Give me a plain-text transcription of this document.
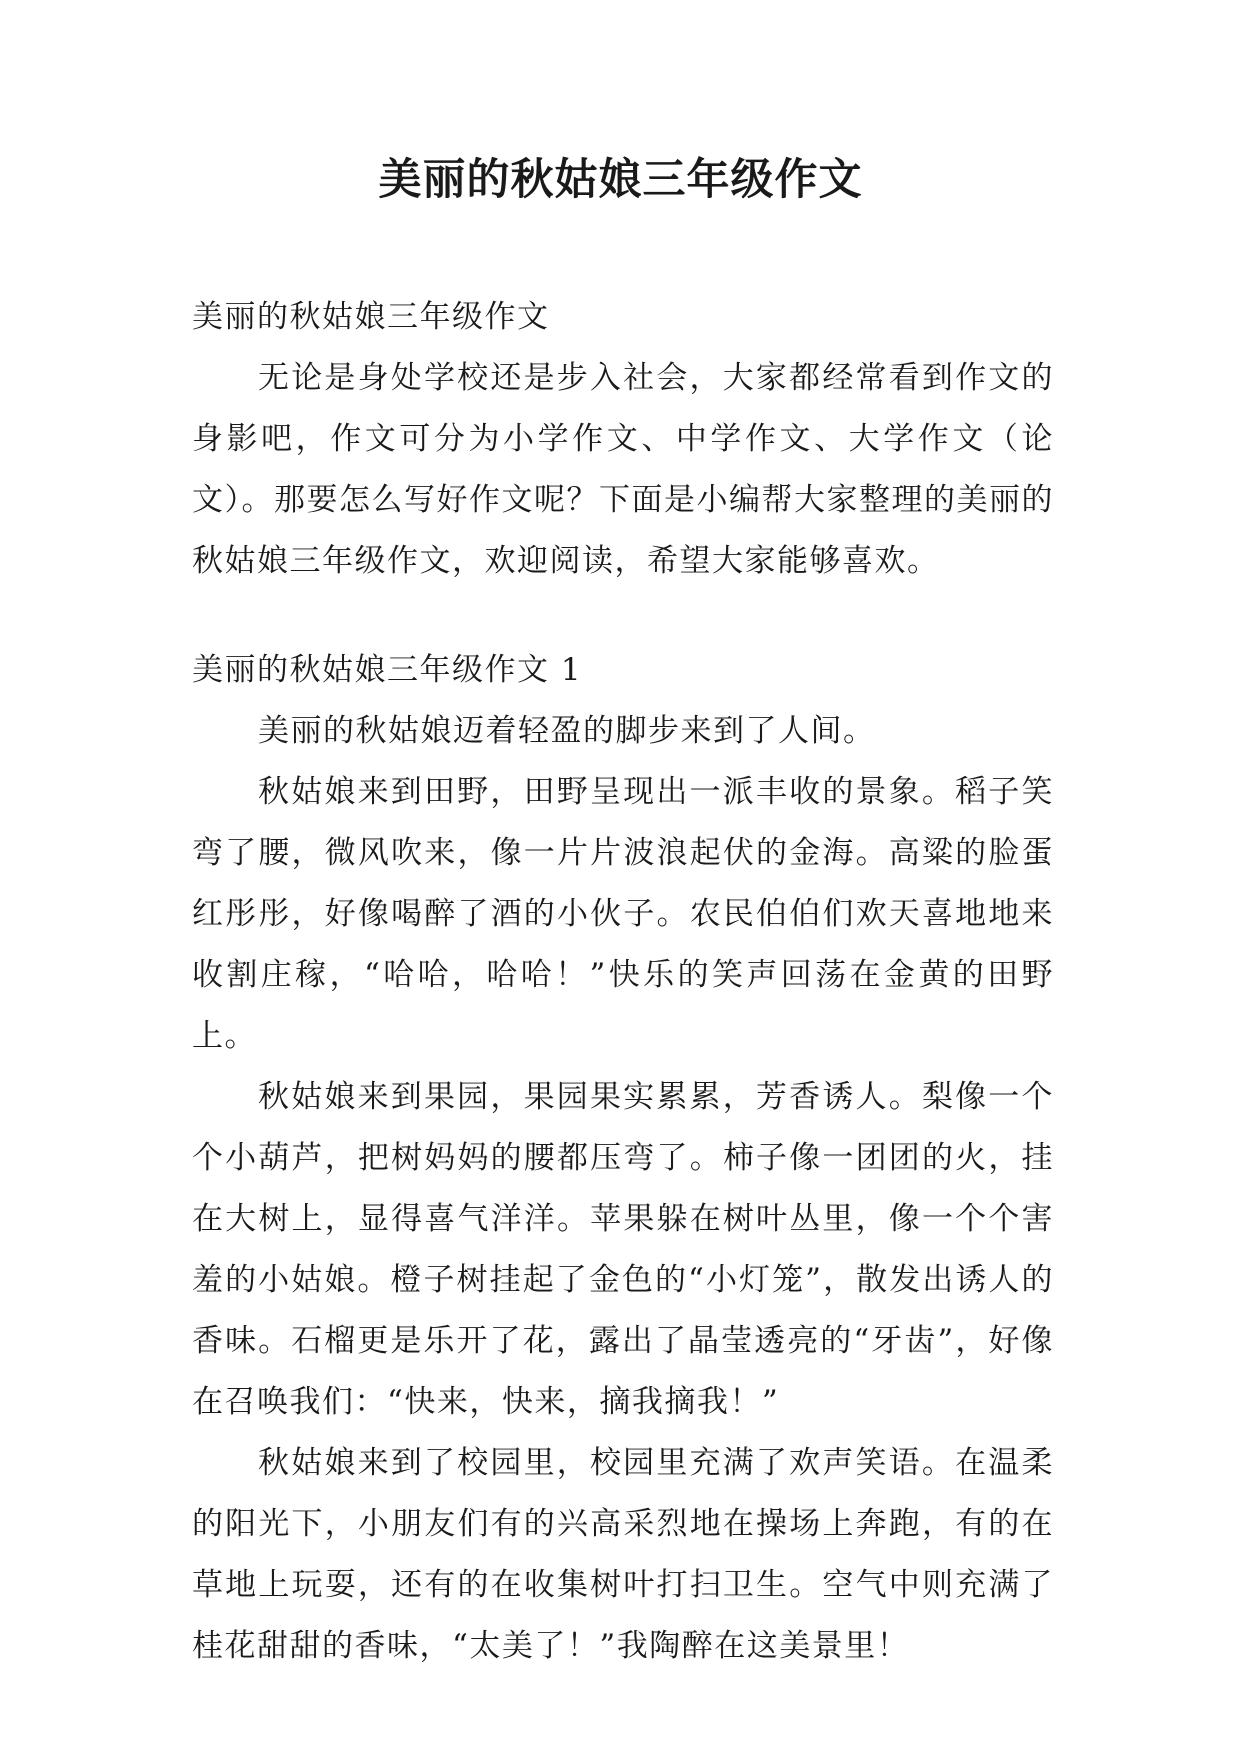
美丽的秋姑娘三年级作文
美丽的秋姑娘三年级作文

无论是身处学校还是步入社会，大家都经常看到作文的身影吧，作文可分为小学作文、中学作文、大学作文（论文）。那要怎么写好作文呢？下面是小编帮大家整理的美丽的秋姑娘三年级作文，欢迎阅读，希望大家能够喜欢。

美丽的秋姑娘三年级作文 1

美丽的秋姑娘迈着轻盈的脚步来到了人间。

秋姑娘来到田野，田野呈现出一派丰收的景象。稻子笑弯了腰，微风吹来，像一片片波浪起伏的金海。高粱的脸蛋红彤彤，好像喝醉了酒的小伙子。农民伯伯们欢天喜地地来收割庄稼，“哈哈，哈哈！”快乐的笑声回荡在金黄的田野上。

秋姑娘来到果园，果园果实累累，芳香诱人。梨像一个个小葫芦，把树妈妈的腰都压弯了。柿子像一团团的火，挂在大树上，显得喜气洋洋。苹果躲在树叶丛里，像一个个害羞的小姑娘。橙子树挂起了金色的“小灯笼”，散发出诱人的香味。石榴更是乐开了花，露出了晶莹透亮的“牙齿”，好像在召唤我们：“快来，快来，摘我摘我！”

秋姑娘来到了校园里，校园里充满了欢声笑语。在温柔的阳光下，小朋友们有的兴高采烈地在操场上奔跑，有的在草地上玩耍，还有的在收集树叶打扫卫生。空气中则充满了桂花甜甜的香味，“太美了！”我陶醉在这美景里！
